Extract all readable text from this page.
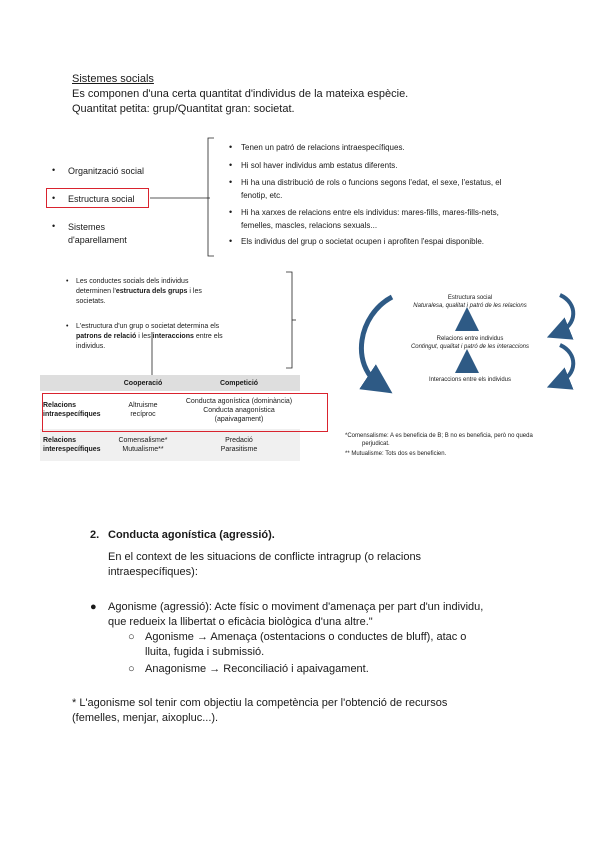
Sistemes socials
Es componen d'una certa quantitat d'individus de la mateixa espècie.
Quantitat petita: grup/Quantitat gran: societat.
• Organització social
• Estructura social
• Sistemes
d'aparellament
• Tenen un patró de relacions intraespecífiques.
• Hi sol haver individus amb estatus diferents.
• Hi ha una distribució de rols o funcions segons l'edat, el sexe, l'estatus, el
fenotip, etc.
• Hi ha xarxes de relacions entre els individus: mares-fills, mares-fills-nets,
femelles, mascles, relacions sexuals...
• Els individus del grup o societat ocupen i aprofiten l'espai disponible.
• Les conductes socials dels individus
determinen l'estructura dels grups i les
societats.
• L'estructura d'un grup o societat determina els
patrons de relació i les interaccions entre els
individus.
	Cooperació	Competició
Relacions
intraespecífiques	Altruisme
recíproc	Conducta agonística (dominància)
Conducta anagonística
(apaivagament)
Relacions
interespecífiques	Comensalisme*
Mutualisme**	Predació
Parasitisme
Estructura social
Naturalesa, qualitat i patró de les relacions
Relacions entre individus
Contingut, qualitat i patró de les interaccions
Interaccions entre els individus
*Comensalisme: A es beneficia de B; B no es beneficia, però no queda
perjudicat.
** Mutualisme: Tots dos es beneficien.
2. Conducta agonística (agressió).
En el context de les situacions de conflicte intragrup (o relacions
intraespecífiques):
● Agonisme (agressió): Acte físic o moviment d'amenaça per part d'un individu,
que redueix la llibertat o eficàcia biològica d'una altre."
○ Agonisme → Amenaça (ostentacions o conductes de bluff), atac o
lluita, fugida i submissió.
○ Anagonisme → Reconciliació i apaivagament.
* L'agonisme sol tenir com objectiu la competència per l'obtenció de recursos
(femelles, menjar, aixopluc...).
